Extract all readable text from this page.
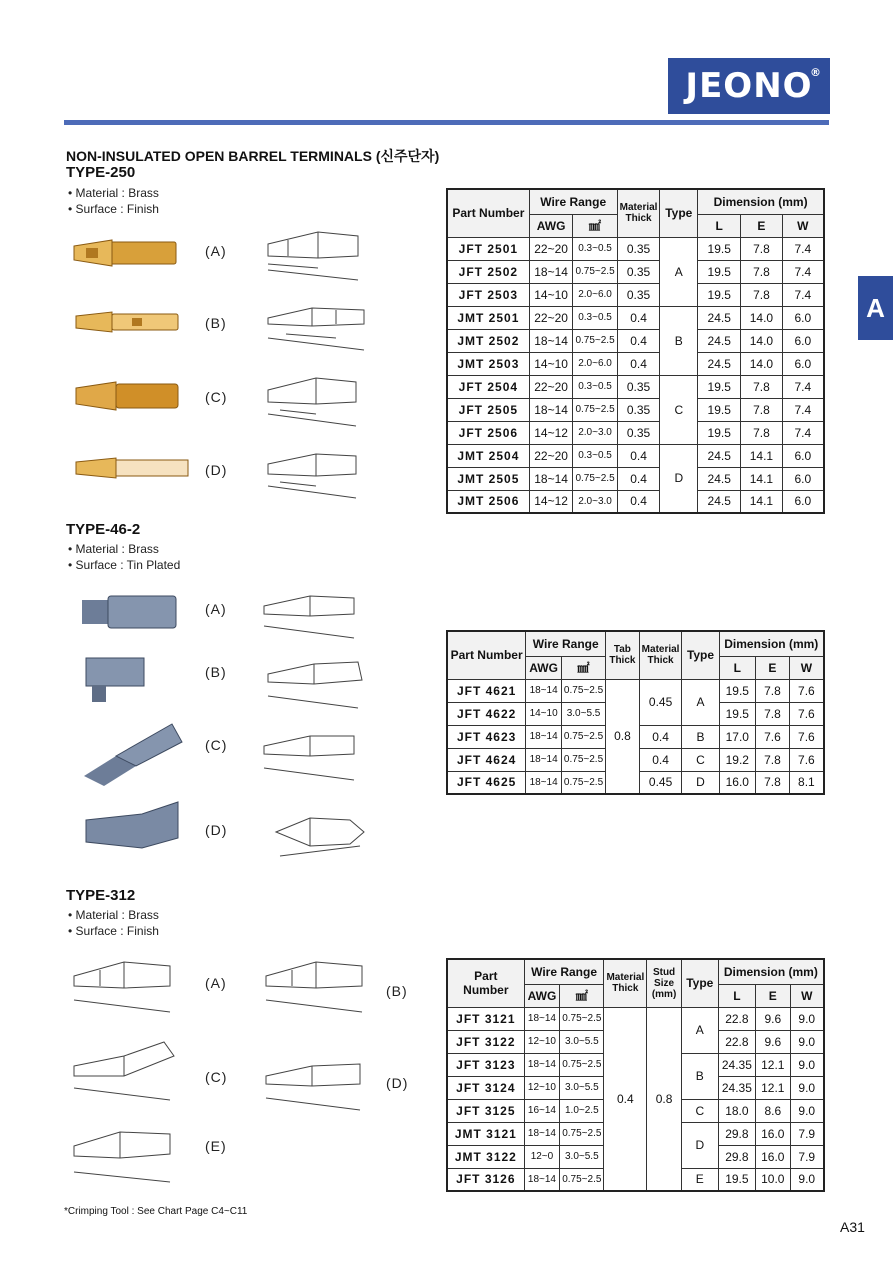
JEONO
®
A
NON-INSULATED OPEN BARREL TERMINALS (신주단자)
TYPE-250
• Material : Brass
• Surface : Finish
(A)
(B)
(C)
(D)
Part Number	Wire Range		Material Thick	Type	Dimension (mm)		
	AWG	㎟			L	E	W
JFT 2501	22~20	0.3~0.5	0.35	A	19.5	7.8	7.4
JFT 2502	18~14	0.75~2.5	0.35		19.5	7.8	7.4
JFT 2503	14~10	2.0~6.0	0.35		19.5	7.8	7.4
JMT 2501	22~20	0.3~0.5	0.4	B	24.5	14.0	6.0
JMT 2502	18~14	0.75~2.5	0.4		24.5	14.0	6.0
JMT 2503	14~10	2.0~6.0	0.4		24.5	14.0	6.0
JFT 2504	22~20	0.3~0.5	0.35	C	19.5	7.8	7.4
JFT 2505	18~14	0.75~2.5	0.35		19.5	7.8	7.4
JFT 2506	14~12	2.0~3.0	0.35		19.5	7.8	7.4
JMT 2504	22~20	0.3~0.5	0.4	D	24.5	14.1	6.0
JMT 2505	18~14	0.75~2.5	0.4		24.5	14.1	6.0
JMT 2506	14~12	2.0~3.0	0.4		24.5	14.1	6.0
TYPE-46-2
• Material : Brass
• Surface : Tin Plated
(A)
(B)
(C)
(D)
Part Number	Wire Range		Tab Thick	Material Thick	Type	Dimension (mm)		
	AWG	㎟				L	E	W
JFT 4621	18~14	0.75~2.5	0.8	0.45	A	19.5	7.8	7.6
JFT 4622	14~10	3.0~5.5				19.5	7.8	7.6
JFT 4623	18~14	0.75~2.5		0.4	B	17.0	7.6	7.6
JFT 4624	18~14	0.75~2.5		0.4	C	19.2	7.8	7.6
JFT 4625	18~14	0.75~2.5		0.45	D	16.0	7.8	8.1
TYPE-312
• Material : Brass
• Surface : Finish
(A)	(B)
(C)	(D)
(E)
Part Number	Wire Range		Material Thick	Stud Size (mm)	Type	Dimension (mm)		
	AWG	㎟				L	E	W
JFT 3121	18~14	0.75~2.5	0.4	0.8	A	22.8	9.6	9.0
JFT 3122	12~10	3.0~5.5				22.8	9.6	9.0
JFT 3123	18~14	0.75~2.5			B	24.35	12.1	9.0
JFT 3124	12~10	3.0~5.5				24.35	12.1	9.0
JFT 3125	16~14	1.0~2.5			C	18.0	8.6	9.0
JMT 3121	18~14	0.75~2.5			D	29.8	16.0	7.9
JMT 3122	12~0	3.0~5.5				29.8	16.0	7.9
JFT 3126	18~14	0.75~2.5			E	19.5	10.0	9.0
*Crimping Tool : See Chart Page C4~C11
A31
